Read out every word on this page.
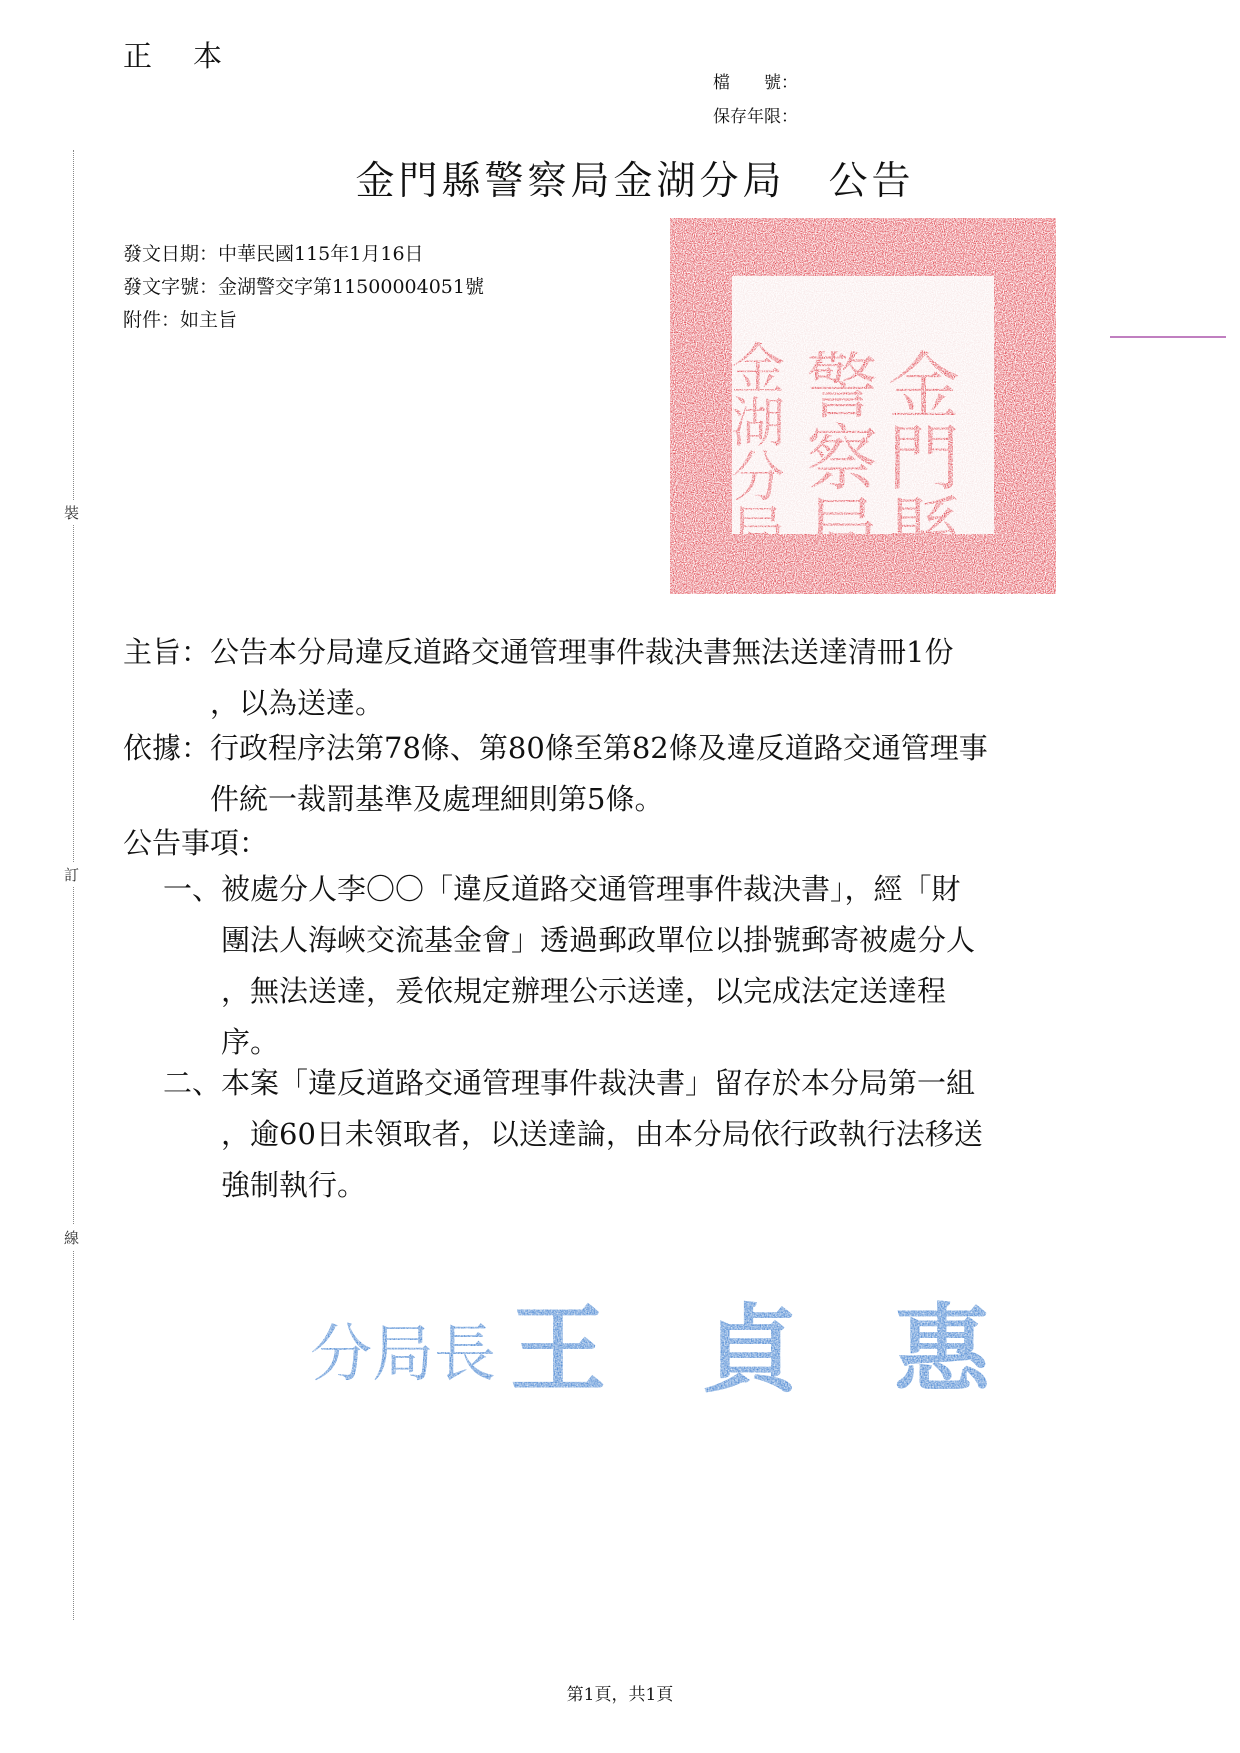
正　本
檔　　號：
保存年限：
金門縣警察局金湖分局　公告
發文日期：中華民國115年1月16日
發文字號：金湖警交字第11500004051號
附件：如主旨
裝
訂
線
金門縣
警察局
金湖分局
主旨： 公告本分局違反道路交通管理事件裁決書無法送達清冊1份
，以為送達。
依據： 行政程序法第78條、第80條至第82條及違反道路交通管理事
件統一裁罰基準及處理細則第5條。
公告事項：
一、 被處分人李〇〇「違反道路交通管理事件裁決書」，經「財
團法人海峽交流基金會」透過郵政單位以掛號郵寄被處分人
，無法送達，爰依規定辦理公示送達，以完成法定送達程
序。
二、 本案「違反道路交通管理事件裁決書」留存於本分局第一組
，逾60日未領取者，以送達論，由本分局依行政執行法移送
強制執行。
分局長 王　貞　惠
第1頁，共1頁
